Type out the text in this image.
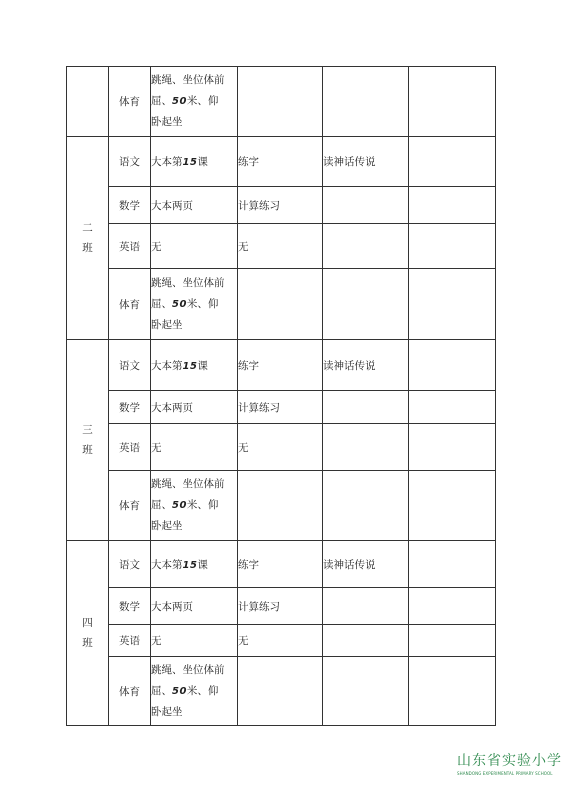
	体育	跳绳、坐位体前
屈、50米、仰
卧起坐			

二
班	语文	大本第15课	练字	读神话传说	
	数学	大本两页	计算练习		
	英语	无	无		
	体育	跳绳、坐位体前
屈、50米、仰
卧起坐			

三
班	语文	大本第15课	练字	读神话传说	
	数学	大本两页	计算练习		
	英语	无	无		
	体育	跳绳、坐位体前
屈、50米、仰
卧起坐			

四
班	语文	大本第15课	练字	读神话传说	
	数学	大本两页	计算练习		
	英语	无	无		
	体育	跳绳、坐位体前
屈、50米、仰
卧起坐			
山东省实验小学
SHANDONG EXPERIMENTAL PRIMARY SCHOOL
